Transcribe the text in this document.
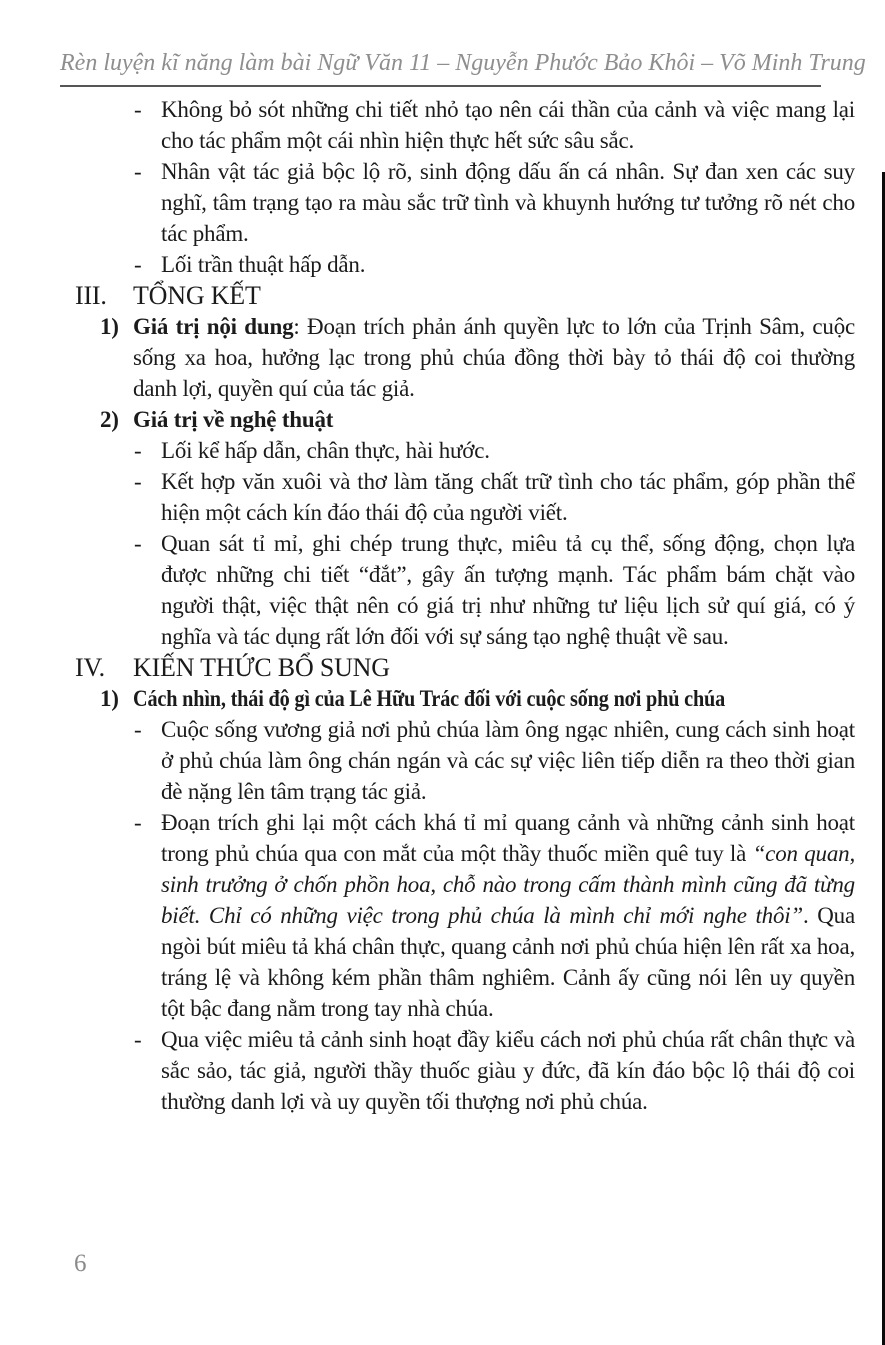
Rèn luyện kĩ năng làm bài Ngữ Văn 11 – Nguyễn Phước Bảo Khôi – Võ Minh Trung

- Không bỏ sót những chi tiết nhỏ tạo nên cái thần của cảnh và việc mang lại cho tác phẩm một cái nhìn hiện thực hết sức sâu sắc.

- Nhân vật tác giả bộc lộ rõ, sinh động dấu ấn cá nhân. Sự đan xen các suy nghĩ, tâm trạng tạo ra màu sắc trữ tình và khuynh hướng tư tưởng rõ nét cho tác phẩm.

- Lối trần thuật hấp dẫn.

III. TỔNG KẾT

1) Giá trị nội dung: Đoạn trích phản ánh quyền lực to lớn của Trịnh Sâm, cuộc sống xa hoa, hưởng lạc trong phủ chúa đồng thời bày tỏ thái độ coi thường danh lợi, quyền quí của tác giả.

2) Giá trị về nghệ thuật

- Lối kể hấp dẫn, chân thực, hài hước.

- Kết hợp văn xuôi và thơ làm tăng chất trữ tình cho tác phẩm, góp phần thể hiện một cách kín đáo thái độ của người viết.

- Quan sát tỉ mỉ, ghi chép trung thực, miêu tả cụ thể, sống động, chọn lựa được những chi tiết “đắt”, gây ấn tượng mạnh. Tác phẩm bám chặt vào người thật, việc thật nên có giá trị như những tư liệu lịch sử quí giá, có ý nghĩa và tác dụng rất lớn đối với sự sáng tạo nghệ thuật về sau.

IV. KIẾN THỨC BỔ SUNG

1) Cách nhìn, thái độ gì của Lê Hữu Trác đối với cuộc sống nơi phủ chúa

- Cuộc sống vương giả nơi phủ chúa làm ông ngạc nhiên, cung cách sinh hoạt ở phủ chúa làm ông chán ngán và các sự việc liên tiếp diễn ra theo thời gian đè nặng lên tâm trạng tác giả.

- Đoạn trích ghi lại một cách khá tỉ mỉ quang cảnh và những cảnh sinh hoạt trong phủ chúa qua con mắt của một thầy thuốc miền quê tuy là “con quan, sinh trưởng ở chốn phồn hoa, chỗ nào trong cấm thành mình cũng đã từng biết. Chỉ có những việc trong phủ chúa là mình chỉ mới nghe thôi”. Qua ngòi bút miêu tả khá chân thực, quang cảnh nơi phủ chúa hiện lên rất xa hoa, tráng lệ và không kém phần thâm nghiêm. Cảnh ấy cũng nói lên uy quyền tột bậc đang nằm trong tay nhà chúa.

- Qua việc miêu tả cảnh sinh hoạt đầy kiểu cách nơi phủ chúa rất chân thực và sắc sảo, tác giả, người thầy thuốc giàu y đức, đã kín đáo bộc lộ thái độ coi thường danh lợi và uy quyền tối thượng nơi phủ chúa.

6
